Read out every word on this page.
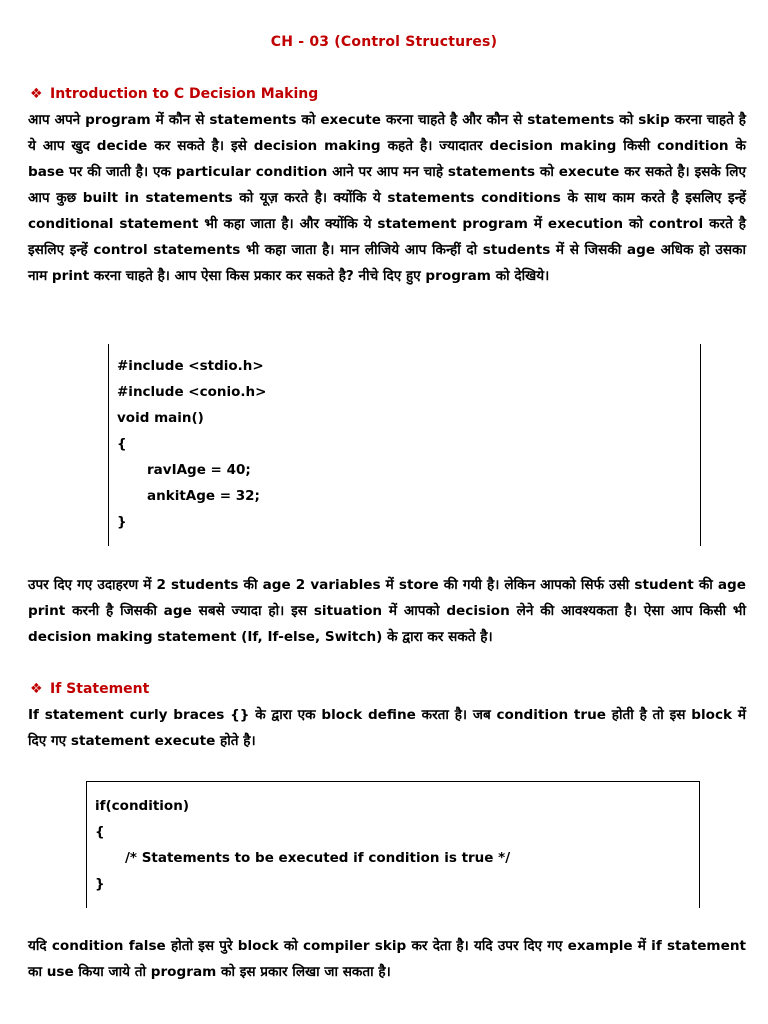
CH - 03 (Control Structures)
❖ Introduction to C Decision Making

आप अपने program में कौन से statements को execute करना चाहते है और कौन से statements को skip करना चाहते है ये आप खुद decide कर सकते है। इसे decision making कहते है। ज्यादातर decision making किसी condition के base पर की जाती है। एक particular condition आने पर आप मन चाहे statements को execute कर सकते है। इसके लिए आप कुछ built in statements को यूज़ करते है। क्योंकि ये statements conditions के साथ काम करते है इसलिए इन्हें conditional statement भी कहा जाता है। और क्योंकि ये statement program में execution को control करते है इसलिए इन्हें control statements भी कहा जाता है। मान लीजिये आप किन्हीं दो students में से जिसकी age अधिक हो उसका नाम print करना चाहते है। आप ऐसा किस प्रकार कर सकते है? नीचे दिए हुए program को देखिये।

#include <stdio.h>
#include <conio.h>
void main()
{
ravIAge = 40;
ankitAge = 32;
}

उपर दिए गए उदाहरण में 2 students की age 2 variables में store की गयी है। लेकिन आपको सिर्फ उसी student की age print करनी है जिसकी age सबसे ज्यादा हो। इस situation में आपको decision लेने की आवश्यकता है। ऐसा आप किसी भी decision making statement (If, If-else, Switch) के द्वारा कर सकते है।

❖ If Statement

If statement curly braces {} के द्वारा एक block define करता है। जब condition true होती है तो इस block में दिए गए statement execute होते है।

if(condition)
{
/* Statements to be executed if condition is true */
}

यदि condition false होतो इस पुरे block को compiler skip कर देता है। यदि उपर दिए गए example में if statement का use किया जाये तो program को इस प्रकार लिखा जा सकता है।
